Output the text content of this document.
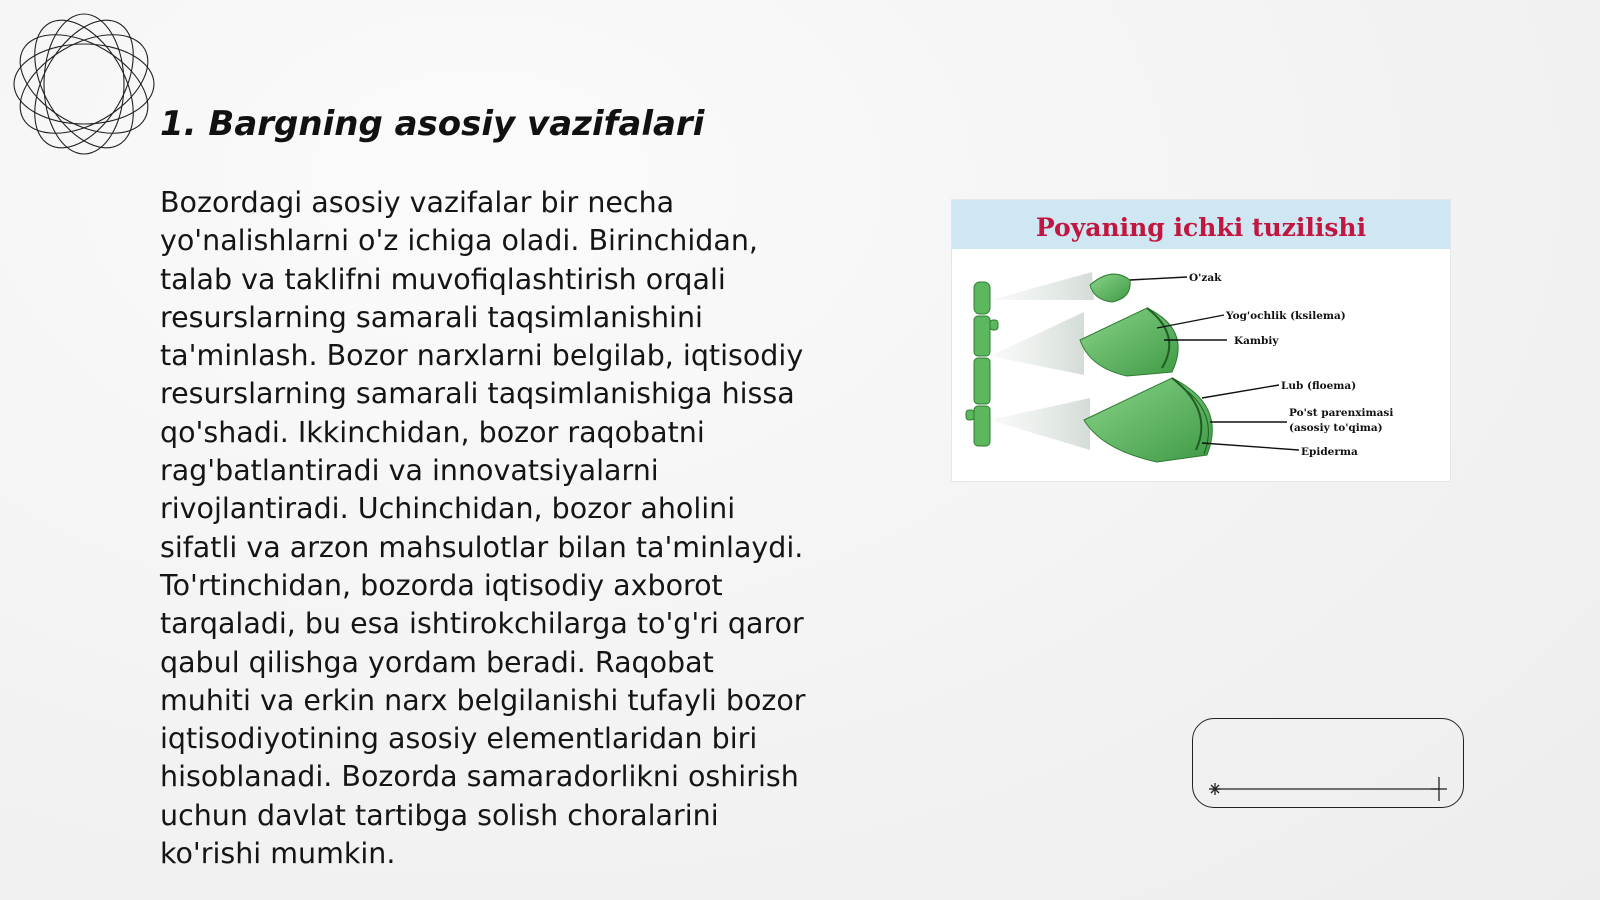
1. Bargning asosiy vazifalari

Bozordagi asosiy vazifalar bir necha
yo'nalishlarni o'z ichiga oladi. Birinchidan,
talab va taklifni muvofiqlashtirish orqali
resurslarning samarali taqsimlanishini
ta'minlash. Bozor narxlarni belgilab, iqtisodiy
resurslarning samarali taqsimlanishiga hissa
qo'shadi. Ikkinchidan, bozor raqobatni
rag'batlantiradi va innovatsiyalarni
rivojlantiradi. Uchinchidan, bozor aholini
sifatli va arzon mahsulotlar bilan ta'minlaydi.
To'rtinchidan, bozorda iqtisodiy axborot
tarqaladi, bu esa ishtirokchilarga to'g'ri qaror
qabul qilishga yordam beradi. Raqobat
muhiti va erkin narx belgilanishi tufayli bozor
iqtisodiyotining asosiy elementlaridan biri
hisoblanadi. Bozorda samaradorlikni oshirish
uchun davlat tartibga solish choralarini
ko'rishi mumkin.

Poyaning ichki tuzilishi
O'zak
Yog'ochlik (ksilema)
Kambiy
Lub (floema)
Po'st parenximasi
(asosiy to'qima)
Epiderma
